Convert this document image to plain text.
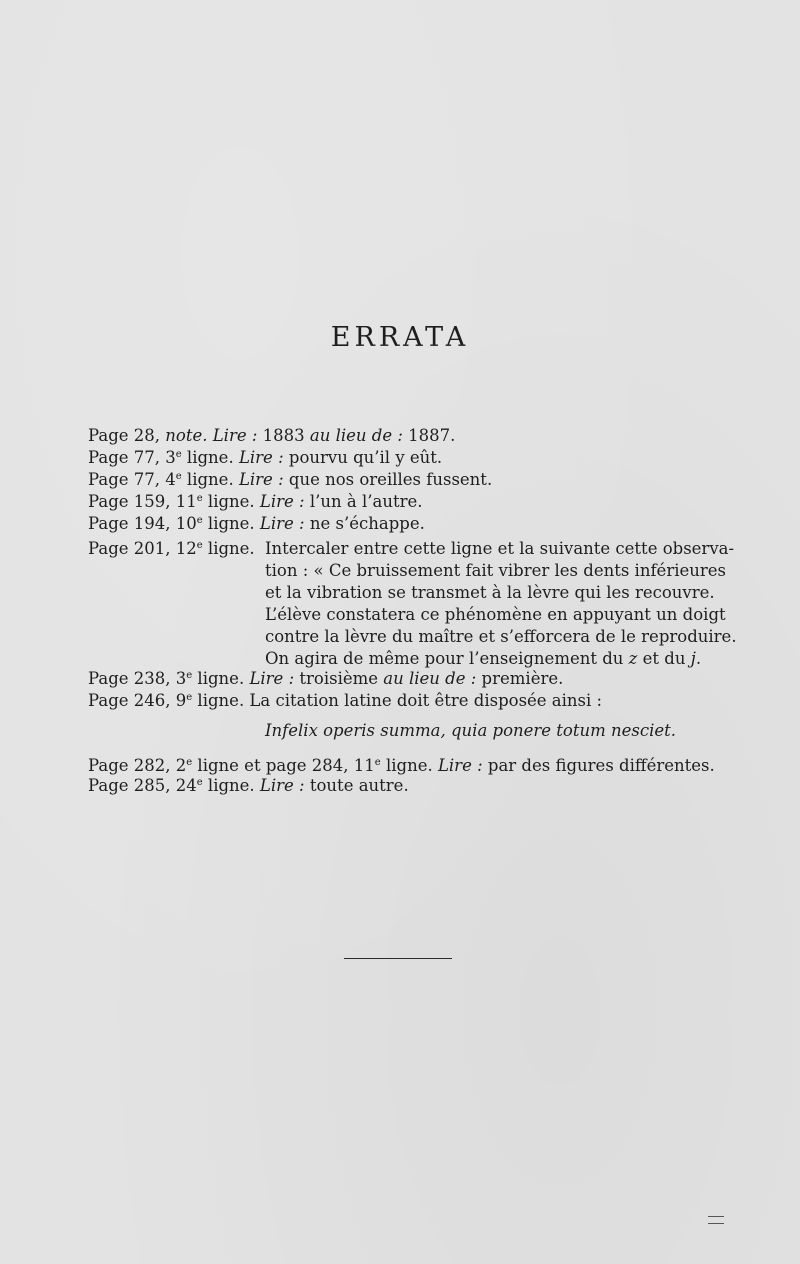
ERRATA
Page 28, note. Lire : 1883 au lieu de : 1887.
Page 77, 3e ligne. Lire : pourvu qu’il y eût.
Page 77, 4e ligne. Lire : que nos oreilles fussent.
Page 159, 11e ligne. Lire : l’un à l’autre.
Page 194, 10e ligne. Lire : ne s’échappe.
Page 201, 12e ligne. Intercaler entre cette ligne et la suivante cette observa-
tion : « Ce bruissement fait vibrer les dents inférieures
et la vibration se transmet à la lèvre qui les recouvre.
L’élève constatera ce phénomène en appuyant un doigt
contre la lèvre du maître et s’efforcera de le reproduire.
On agira de même pour l’enseignement du z et du j.
Page 238, 3e ligne. Lire : troisième au lieu de : première.
Page 246, 9e ligne. La citation latine doit être disposée ainsi :
Infelix operis summa, quia ponere totum nesciet.
Page 282, 2e ligne et page 284, 11e ligne. Lire : par des figures différentes.
Page 285, 24e ligne. Lire : toute autre.
